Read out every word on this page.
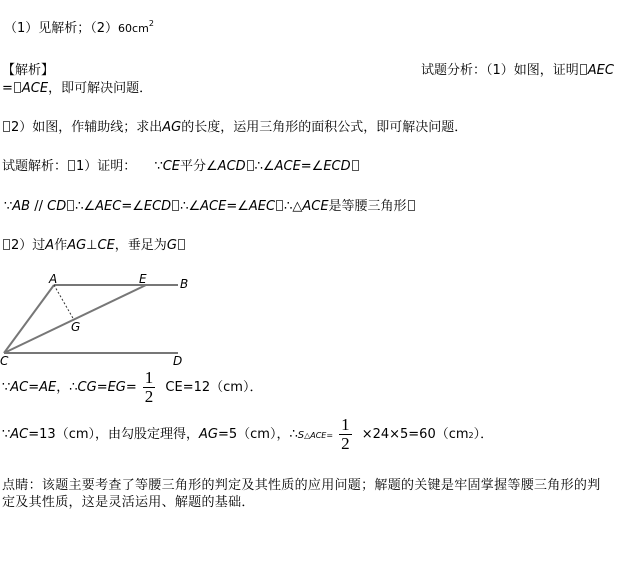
（1）见解析；$(2)60cm^2$
【解析】	试题分析：（1）如图，证明 AEC
= ACE，即可解决问题．
2）如图，作辅助线；求出AG的长度，运用三角形的面积公式，即可解决问题．
试题解析： 1）证明： ∵CE平分∠ACD ∴∠ACE=∠ECD
∵AB // CD ∴∠AEC=∠ECD ∴∠ACE=∠AEC ∴△ACE是等腰三角形
2）过A作AG⊥CE，垂足为G
A	E	B
G
C	D
∵AC=AE，∴CG=EG= $\frac{1}{2} CE=12(cm)$．
∵AC=13（cm），由勾股定理得，AG=5（cm），∴S△ACE= $\frac{1}{2} \times 24\times 5=60(cm2)$．
点睛：该题主要考查了等腰三角形的判定及其性质的应用问题；解题的关键是牢固掌握等腰三角形的判
定及其性质，这是灵活运用、解题的基础．
